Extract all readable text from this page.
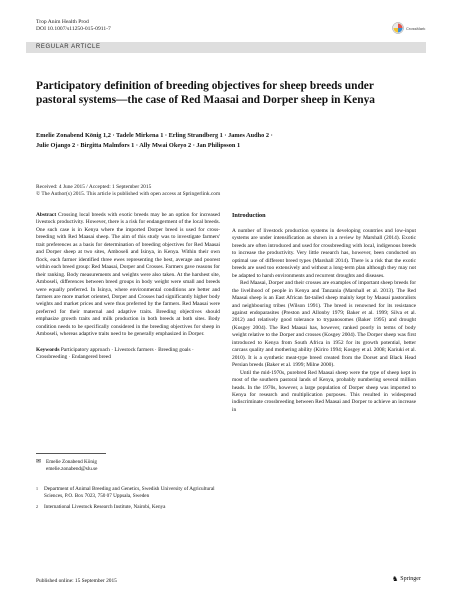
Trop Anim Health Prod
DOI 10.1007/s11250-015-0911-7	CrossMark
REGULAR ARTICLE
Participatory definition of breeding objectives for sheep breeds under pastoral systems—the case of Red Maasai and Dorper sheep in Kenya
Emelie Zonabend König 1,2 · Tadele Mirkena 1 · Erling Strandberg 1 · James Audho 2 ·
Julie Ojango 2 · Birgitta Malmfors 1 · Ally Mwai Okeyo 2 · Jan Philipsson 1
Received: 4 June 2015 / Accepted: 1 September 2015
© The Author(s) 2015. This article is published with open access at Springerlink.com

Abstract Crossing local breeds with exotic breeds may be an option for increased livestock productivity. However, there is a risk for endangerment of the local breeds. One such case is in Kenya where the imported Dorper breed is used for cross-breeding with Red Maasai sheep. The aim of this study was to investigate farmers' trait preferences as a basis for determination of breeding objectives for Red Maasai and Dorper sheep at two sites, Amboseli and Isinya, in Kenya. Within their own flock, each farmer identified three ewes representing the best, average and poorest within each breed group: Red Maasai, Dorper and Crosses. Farmers gave reasons for their ranking. Body measurements and weights were also taken. At the harshest site, Amboseli, differences between breed groups in body weight were small and breeds were equally preferred. In Isinya, where environmental conditions are better and farmers are more market oriented, Dorper and Crosses had significantly higher body weights and market prices and were thus preferred by the farmers. Red Maasai were preferred for their maternal and adaptive traits. Breeding objectives should emphasize growth traits and milk production in both breeds at both sites. Body condition needs to be specifically considered in the breeding objectives for sheep in Amboseli, whereas adaptive traits need to be generally emphasized in Dorper.

Keywords Participatory approach · Livestock farmers · Breeding goals · Crossbreeding · Endangered breed

✉ Emelie Zonabend König
emelie.zonabend@slu.se
1 Department of Animal Breeding and Genetics, Swedish University of Agricultural Sciences, P.O. Box 7023, 750 07 Uppsala, Sweden
2 International Livestock Research Institute, Nairobi, Kenya
Introduction

A number of livestock production systems in developing countries and low-input systems are under intensification as shown in a review by Marshall (2014). Exotic breeds are often introduced and used for crossbreeding with local, indigenous breeds to increase the productivity. Very little research has, however, been conducted on optimal use of different breed types (Marshall 2014). There is a risk that the exotic breeds are used too extensively and without a long-term plan although they may not be adapted to harsh environments and recurrent droughts and diseases.

Red Maasai, Dorper and their crosses are examples of important sheep breeds for the livelihood of people in Kenya and Tanzania (Marshall et al. 2013). The Red Maasai sheep is an East African fat-tailed sheep mainly kept by Maasai pastoralists and neighbouring tribes (Wilson 1991). The breed is renowned for its resistance against endoparasites (Preston and Allonby 1979; Baker et al. 1999; Silva et al. 2012) and relatively good tolerance to trypanosomes (Baker 1995) and drought (Kosgey 2004). The Red Maasai has, however, ranked poorly in terms of body weight relative to the Dorper and crosses (Kosgey 2004). The Dorper sheep was first introduced to Kenya from South Africa in 1952 for its growth potential, better carcass quality and mothering ability (Kiriro 1994; Kosgey et al. 2008; Kariuki et al. 2010). It is a synthetic meat-type breed created from the Dorset and Black Head Persian breeds (Baker et al. 1999; Milne 2000).

Until the mid-1970s, purebred Red Maasai sheep were the type of sheep kept in most of the southern pastoral lands of Kenya, probably numbering several million heads. In the 1970s, however, a large population of Dorper sheep was imported to Kenya for research and multiplication purposes. This resulted in widespread indiscriminate crossbreeding between Red Maasai and Dorper to achieve an increase in

Published online: 15 September 2015	♞ Springer
